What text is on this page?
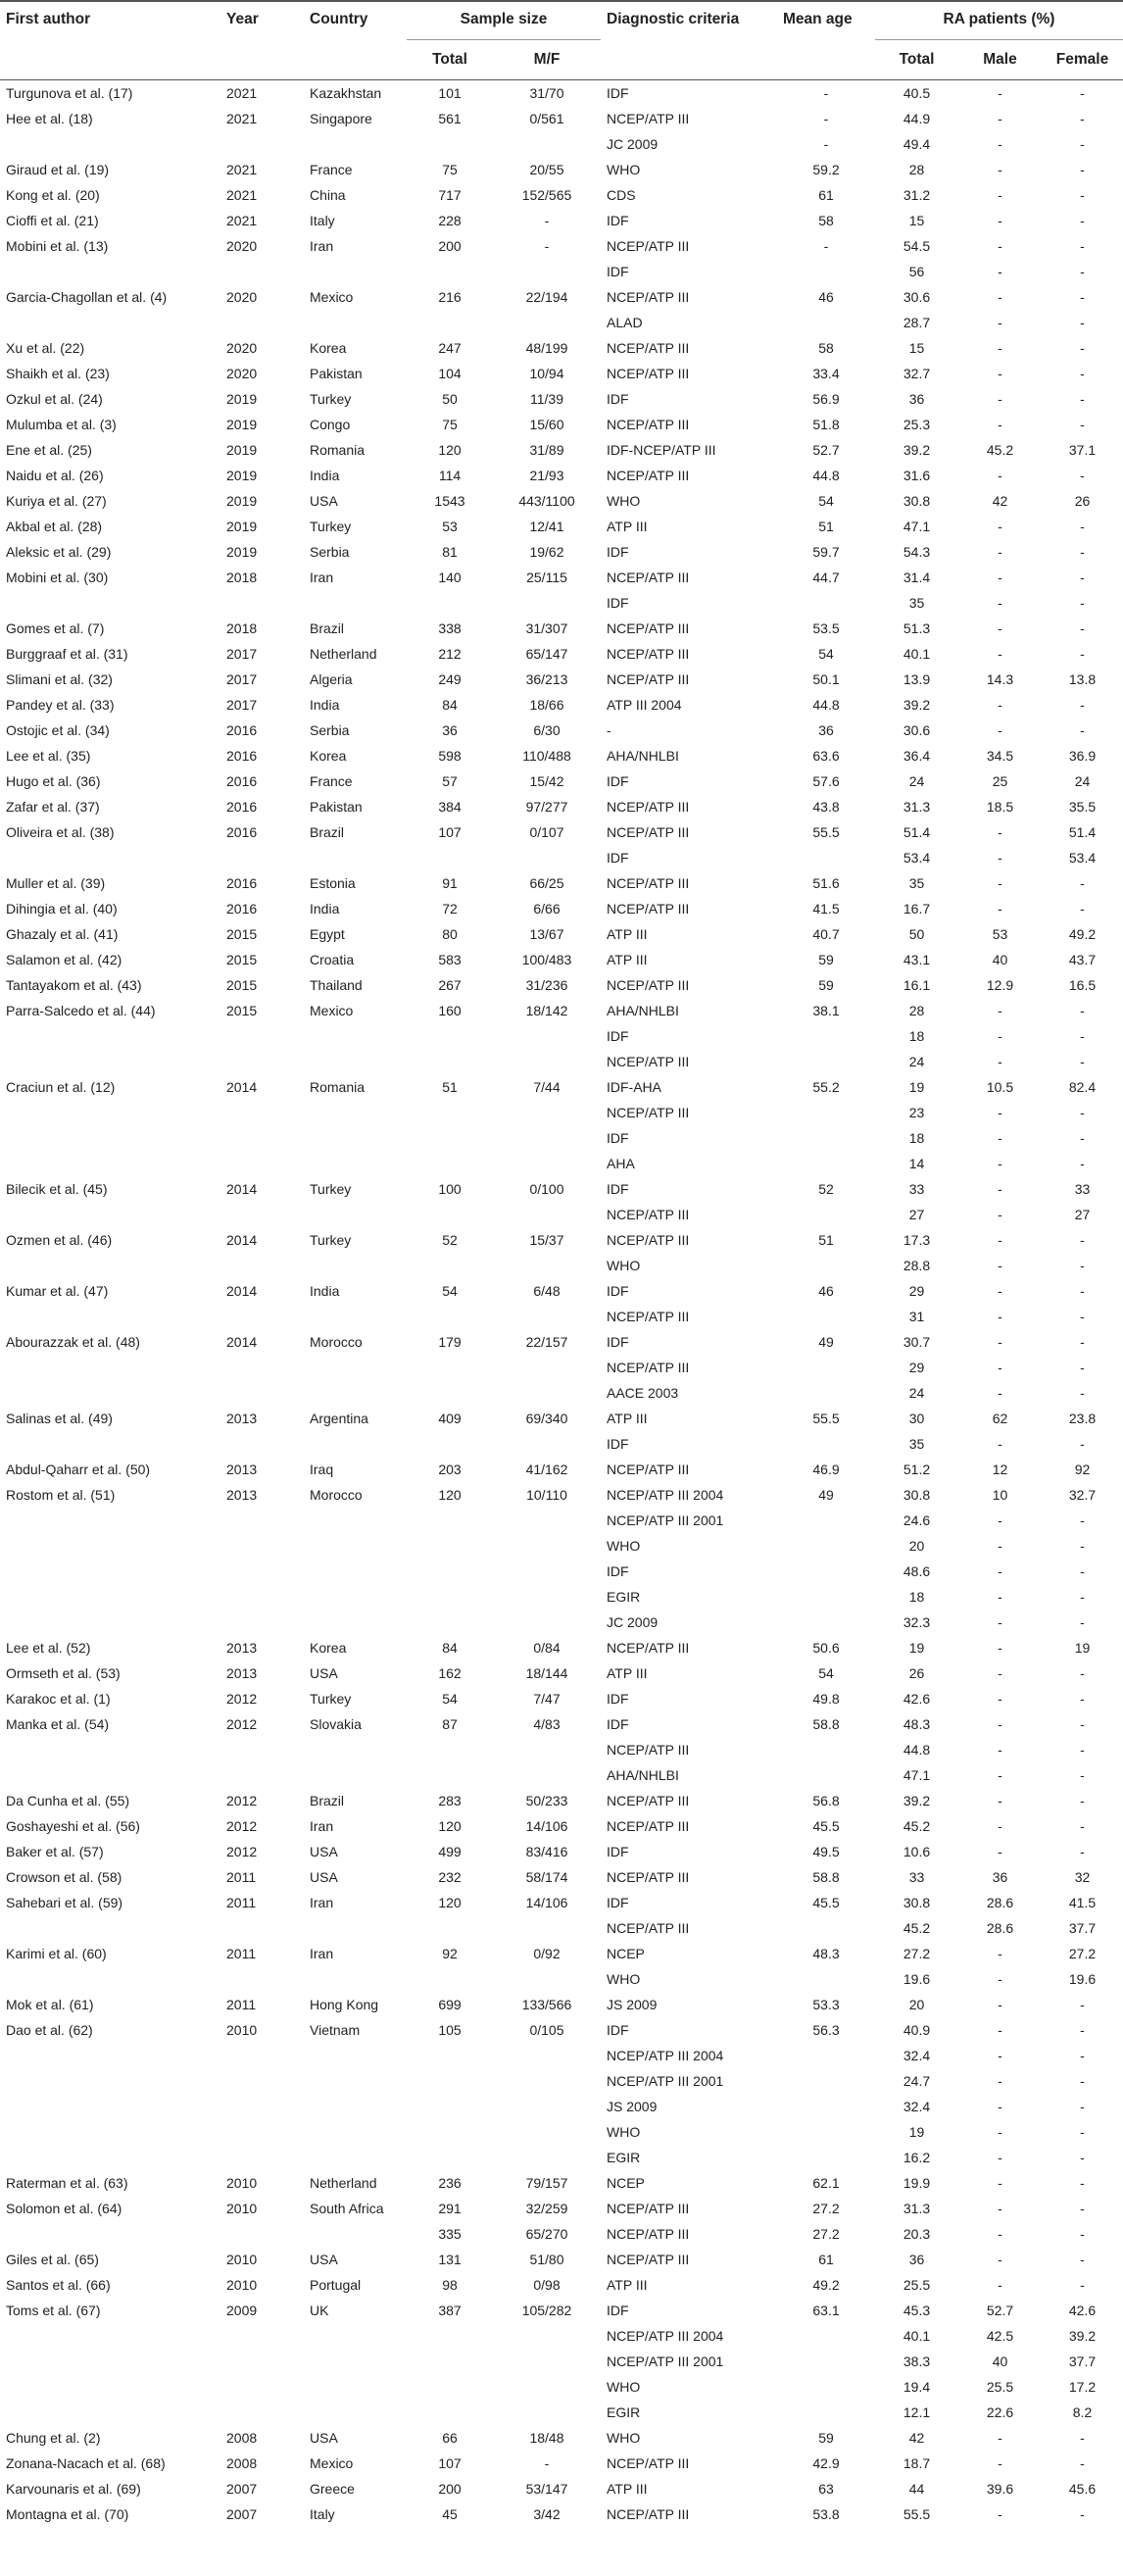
First author	Year	Country	Sample size		Diagnostic criteria	Mean age	RA patients (%)		
			Total	M/F			Total	Male	Female
Turgunova et al. (17)	2021	Kazakhstan	101	31/70	IDF	-	40.5	-	-
Hee et al. (18)	2021	Singapore	561	0/561	NCEP/ATP III	-	44.9	-	-
					JC 2009	-	49.4	-	-
Giraud et al. (19)	2021	France	75	20/55	WHO	59.2	28	-	-
Kong et al. (20)	2021	China	717	152/565	CDS	61	31.2	-	-
Cioffi et al. (21)	2021	Italy	228	-	IDF	58	15	-	-
Mobini et al. (13)	2020	Iran	200	-	NCEP/ATP III	-	54.5	-	-
					IDF		56	-	-
Garcia-Chagollan et al. (4)	2020	Mexico	216	22/194	NCEP/ATP III	46	30.6	-	-
					ALAD		28.7	-	-
Xu et al. (22)	2020	Korea	247	48/199	NCEP/ATP III	58	15	-	-
Shaikh et al. (23)	2020	Pakistan	104	10/94	NCEP/ATP III	33.4	32.7	-	-
Ozkul et al. (24)	2019	Turkey	50	11/39	IDF	56.9	36	-	-
Mulumba et al. (3)	2019	Congo	75	15/60	NCEP/ATP III	51.8	25.3	-	-
Ene et al. (25)	2019	Romania	120	31/89	IDF-NCEP/ATP III	52.7	39.2	45.2	37.1
Naidu et al. (26)	2019	India	114	21/93	NCEP/ATP III	44.8	31.6	-	-
Kuriya et al. (27)	2019	USA	1543	443/1100	WHO	54	30.8	42	26
Akbal et al. (28)	2019	Turkey	53	12/41	ATP III	51	47.1	-	-
Aleksic et al. (29)	2019	Serbia	81	19/62	IDF	59.7	54.3	-	-
Mobini et al. (30)	2018	Iran	140	25/115	NCEP/ATP III	44.7	31.4	-	-
					IDF		35	-	-
Gomes et al. (7)	2018	Brazil	338	31/307	NCEP/ATP III	53.5	51.3	-	-
Burggraaf et al. (31)	2017	Netherland	212	65/147	NCEP/ATP III	54	40.1	-	-
Slimani et al. (32)	2017	Algeria	249	36/213	NCEP/ATP III	50.1	13.9	14.3	13.8
Pandey et al. (33)	2017	India	84	18/66	ATP III 2004	44.8	39.2	-	-
Ostojic et al. (34)	2016	Serbia	36	6/30	-	36	30.6	-	-
Lee et al. (35)	2016	Korea	598	110/488	AHA/NHLBI	63.6	36.4	34.5	36.9
Hugo et al. (36)	2016	France	57	15/42	IDF	57.6	24	25	24
Zafar et al. (37)	2016	Pakistan	384	97/277	NCEP/ATP III	43.8	31.3	18.5	35.5
Oliveira et al. (38)	2016	Brazil	107	0/107	NCEP/ATP III	55.5	51.4	-	51.4
					IDF		53.4	-	53.4
Muller et al. (39)	2016	Estonia	91	66/25	NCEP/ATP III	51.6	35	-	-
Dihingia et al. (40)	2016	India	72	6/66	NCEP/ATP III	41.5	16.7	-	-
Ghazaly et al. (41)	2015	Egypt	80	13/67	ATP III	40.7	50	53	49.2
Salamon et al. (42)	2015	Croatia	583	100/483	ATP III	59	43.1	40	43.7
Tantayakom et al. (43)	2015	Thailand	267	31/236	NCEP/ATP III	59	16.1	12.9	16.5
Parra-Salcedo et al. (44)	2015	Mexico	160	18/142	AHA/NHLBI	38.1	28	-	-
					IDF		18	-	-
					NCEP/ATP III		24	-	-
Craciun et al. (12)	2014	Romania	51	7/44	IDF-AHA	55.2	19	10.5	82.4
					NCEP/ATP III		23	-	-
					IDF		18	-	-
					AHA		14	-	-
Bilecik et al. (45)	2014	Turkey	100	0/100	IDF	52	33	-	33
					NCEP/ATP III		27	-	27
Ozmen et al. (46)	2014	Turkey	52	15/37	NCEP/ATP III	51	17.3	-	-
					WHO		28.8	-	-
Kumar et al. (47)	2014	India	54	6/48	IDF	46	29	-	-
					NCEP/ATP III		31	-	-
Abourazzak et al. (48)	2014	Morocco	179	22/157	IDF	49	30.7	-	-
					NCEP/ATP III		29	-	-
					AACE 2003		24	-	-
Salinas et al. (49)	2013	Argentina	409	69/340	ATP III	55.5	30	62	23.8
					IDF		35	-	-
Abdul-Qaharr et al. (50)	2013	Iraq	203	41/162	NCEP/ATP III	46.9	51.2	12	92
Rostom et al. (51)	2013	Morocco	120	10/110	NCEP/ATP III 2004	49	30.8	10	32.7
					NCEP/ATP III 2001		24.6	-	-
					WHO		20	-	-
					IDF		48.6	-	-
					EGIR		18	-	-
					JC 2009		32.3	-	-
Lee et al. (52)	2013	Korea	84	0/84	NCEP/ATP III	50.6	19	-	19
Ormseth et al. (53)	2013	USA	162	18/144	ATP III	54	26	-	-
Karakoc et al. (1)	2012	Turkey	54	7/47	IDF	49.8	42.6	-	-
Manka et al. (54)	2012	Slovakia	87	4/83	IDF	58.8	48.3	-	-
					NCEP/ATP III		44.8	-	-
					AHA/NHLBI		47.1	-	-
Da Cunha et al. (55)	2012	Brazil	283	50/233	NCEP/ATP III	56.8	39.2	-	-
Goshayeshi et al. (56)	2012	Iran	120	14/106	NCEP/ATP III	45.5	45.2	-	-
Baker et al. (57)	2012	USA	499	83/416	IDF	49.5	10.6	-	-
Crowson et al. (58)	2011	USA	232	58/174	NCEP/ATP III	58.8	33	36	32
Sahebari et al. (59)	2011	Iran	120	14/106	IDF	45.5	30.8	28.6	41.5
					NCEP/ATP III		45.2	28.6	37.7
Karimi et al. (60)	2011	Iran	92	0/92	NCEP	48.3	27.2	-	27.2
					WHO		19.6	-	19.6
Mok et al. (61)	2011	Hong Kong	699	133/566	JS 2009	53.3	20	-	-
Dao et al. (62)	2010	Vietnam	105	0/105	IDF	56.3	40.9	-	-
					NCEP/ATP III 2004		32.4	-	-
					NCEP/ATP III 2001		24.7	-	-
					JS 2009		32.4	-	-
					WHO		19	-	-
					EGIR		16.2	-	-
Raterman et al. (63)	2010	Netherland	236	79/157	NCEP	62.1	19.9	-	-
Solomon et al. (64)	2010	South Africa	291	32/259	NCEP/ATP III	27.2	31.3	-	-
			335	65/270	NCEP/ATP III	27.2	20.3	-	-
Giles et al. (65)	2010	USA	131	51/80	NCEP/ATP III	61	36	-	-
Santos et al. (66)	2010	Portugal	98	0/98	ATP III	49.2	25.5	-	-
Toms et al. (67)	2009	UK	387	105/282	IDF	63.1	45.3	52.7	42.6
					NCEP/ATP III 2004		40.1	42.5	39.2
					NCEP/ATP III 2001		38.3	40	37.7
					WHO		19.4	25.5	17.2
					EGIR		12.1	22.6	8.2
Chung et al. (2)	2008	USA	66	18/48	WHO	59	42	-	-
Zonana-Nacach et al. (68)	2008	Mexico	107	-	NCEP/ATP III	42.9	18.7	-	-
Karvounaris et al. (69)	2007	Greece	200	53/147	ATP III	63	44	39.6	45.6
Montagna et al. (70)	2007	Italy	45	3/42	NCEP/ATP III	53.8	55.5	-	-
